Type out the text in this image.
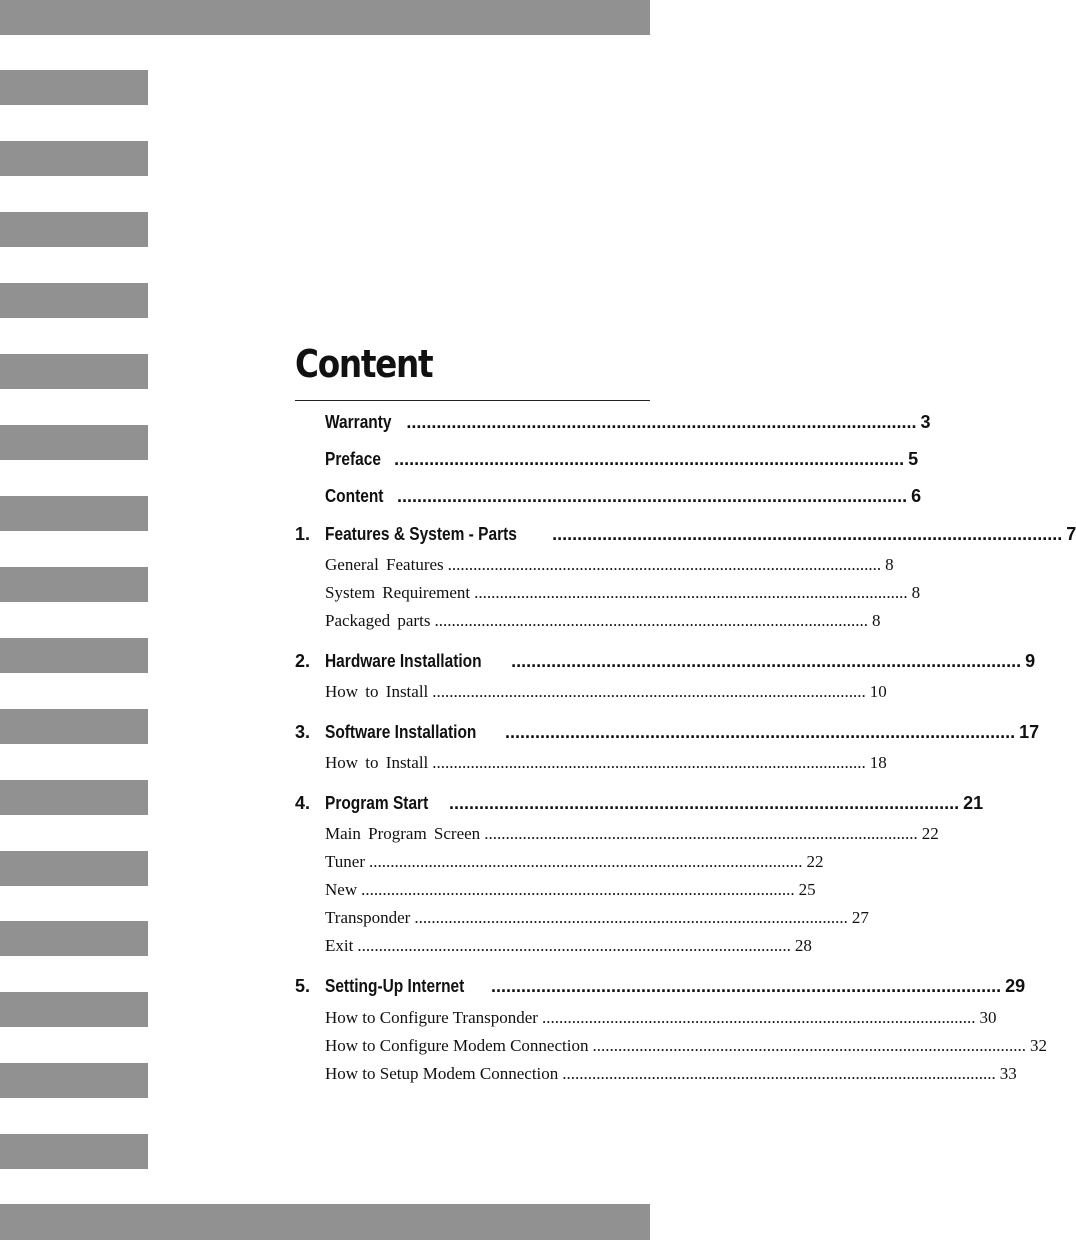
Content
Warranty ...................................................................................................... 3
Preface ...................................................................................................... 5
Content ...................................................................................................... 6
1. Features & System - Parts ...................................................................................................... 7
General Features ...................................................................................................... 8
System Requirement ...................................................................................................... 8
Packaged parts ...................................................................................................... 8
2. Hardware Installation ...................................................................................................... 9
How to Install ...................................................................................................... 10
3. Software Installation ...................................................................................................... 17
How to Install ...................................................................................................... 18
4. Program Start ...................................................................................................... 21
Main Program Screen ...................................................................................................... 22
Tuner ...................................................................................................... 22
New ...................................................................................................... 25
Transponder ...................................................................................................... 27
Exit ...................................................................................................... 28
5. Setting-Up Internet ...................................................................................................... 29
How to Configure Transponder ...................................................................................................... 30
How to Configure Modem Connection ...................................................................................................... 32
How to Setup Modem Connection ...................................................................................................... 33
